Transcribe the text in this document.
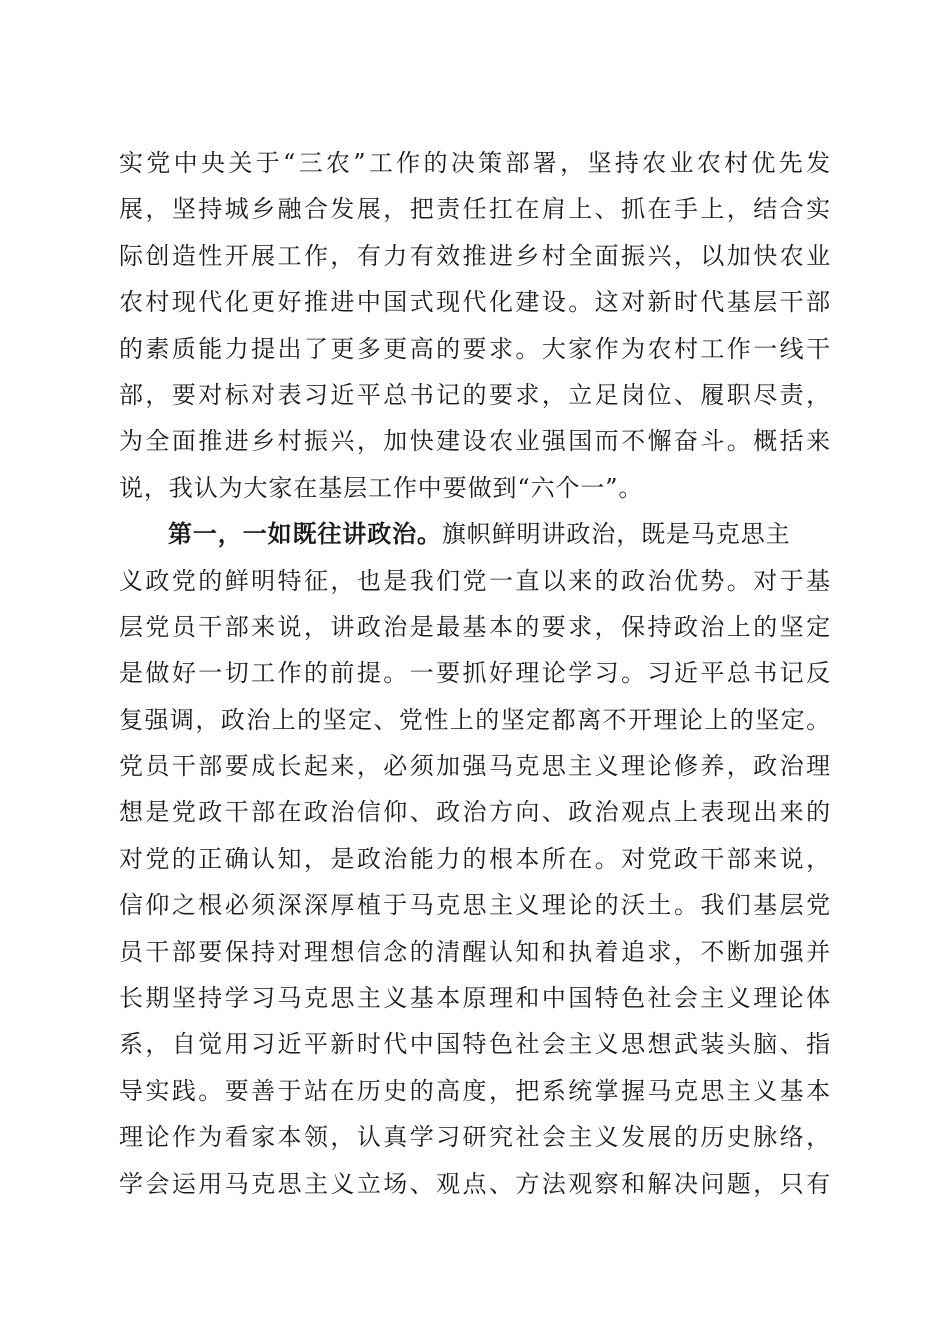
实党中央关于“三农”工作的决策部署，坚持农业农村优先发
展，坚持城乡融合发展，把责任扛在肩上、抓在手上，结合实
际创造性开展工作，有力有效推进乡村全面振兴，以加快农业
农村现代化更好推进中国式现代化建设。这对新时代基层干部
的素质能力提出了更多更高的要求。大家作为农村工作一线干
部，要对标对表习近平总书记的要求，立足岗位、履职尽责，
为全面推进乡村振兴，加快建设农业强国而不懈奋斗。概括来
说，我认为大家在基层工作中要做到“六个一”。
第一，一如既往讲政治。旗帜鲜明讲政治，既是马克思主
义政党的鲜明特征，也是我们党一直以来的政治优势。对于基
层党员干部来说，讲政治是最基本的要求，保持政治上的坚定
是做好一切工作的前提。一要抓好理论学习。习近平总书记反
复强调，政治上的坚定、党性上的坚定都离不开理论上的坚定。
党员干部要成长起来，必须加强马克思主义理论修养，政治理
想是党政干部在政治信仰、政治方向、政治观点上表现出来的
对党的正确认知，是政治能力的根本所在。对党政干部来说，
信仰之根必须深深厚植于马克思主义理论的沃土。我们基层党
员干部要保持对理想信念的清醒认知和执着追求，不断加强并
长期坚持学习马克思主义基本原理和中国特色社会主义理论体
系，自觉用习近平新时代中国特色社会主义思想武装头脑、指
导实践。要善于站在历史的高度，把系统掌握马克思主义基本
理论作为看家本领，认真学习研究社会主义发展的历史脉络，
学会运用马克思主义立场、观点、方法观察和解决问题，只有
